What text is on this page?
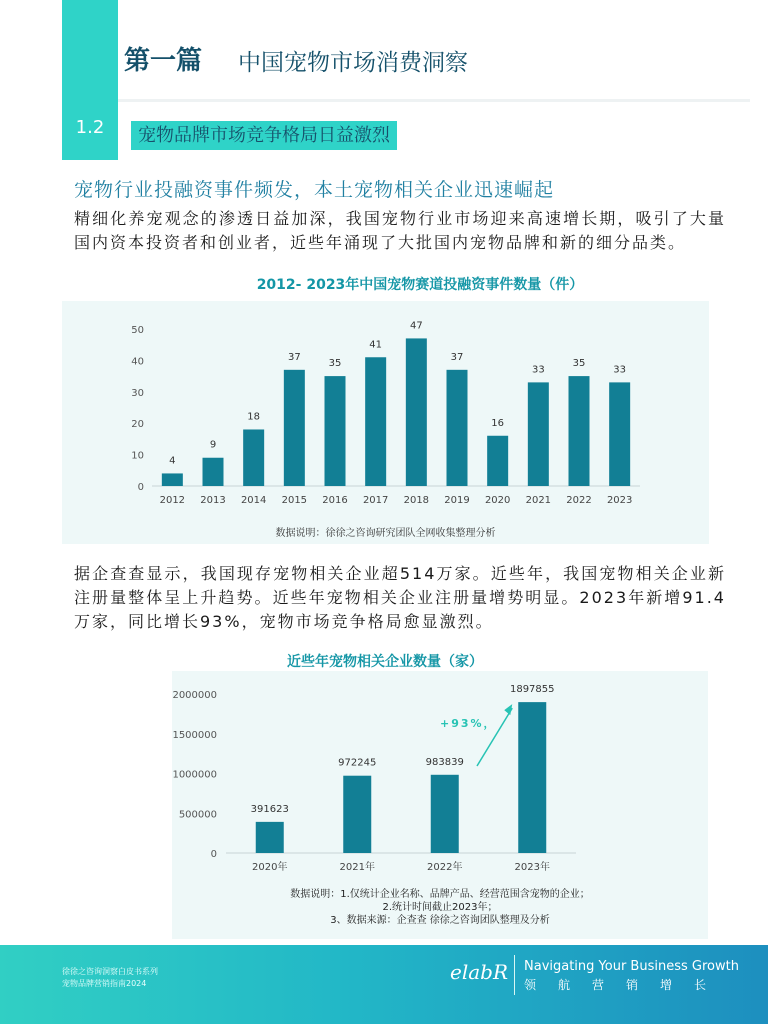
第一篇 中国宠物市场消费洞察
1.2	宠物品牌市场竞争格局日益激烈
宠物行业投融资事件频发，本土宠物相关企业迅速崛起
精细化养宠观念的渗透日益加深，我国宠物行业市场迎来高速增长期，吸引了大量国内资本投资者和创业者，近些年涌现了大批国内宠物品牌和新的细分品类。
2012- 2023年中国宠物赛道投融资事件数量（件）
0
10
20
30
40
50
4
2012
9
2013
18
2014
37
2015
35
2016
41
2017
47
2018
37
2019
16
2020
33
2021
35
2022
33
2023
数据说明：徐徐之咨询研究团队全网收集整理分析
据企查查显示，我国现存宠物相关企业超514万家。近些年，我国宠物相关企业新注册量整体呈上升趋势。近些年宠物相关企业注册量增势明显。2023年新增91.4万家，同比增长93%，宠物市场竞争格局愈显激烈。
近些年宠物相关企业数量（家）
0
500000
1000000
1500000
2000000
391623
2020年
972245
2021年
983839
2022年
1897855
2023年
+93%，
数据说明：1.仅统计企业名称、品牌产品、经营范围含宠物的企业；
2.统计时间截止2023年；
3、数据来源：企查查 徐徐之咨询团队整理及分析
徐徐之咨询洞察白皮书系列
宠物品牌营销指南2024	elabR Navigating Your Business Growth
领航营销增长
